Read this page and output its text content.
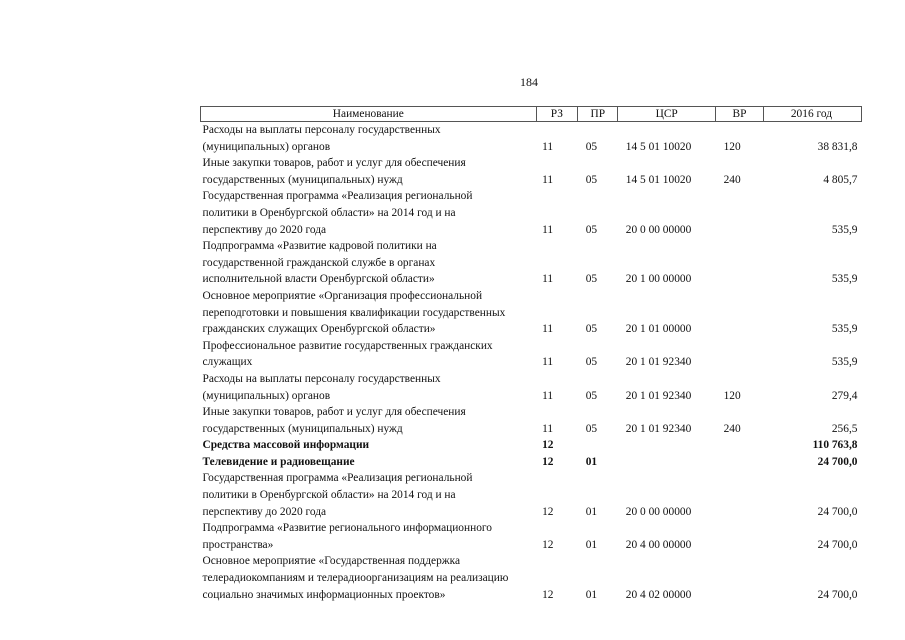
184
Наименование	РЗ	ПР	ЦСР	ВР	2016 год

Расходы на выплаты персоналу государственных
(муниципальных) органов	11	05	14 5 01 10020	120	38 831,8

Иные закупки товаров, работ и услуг для обеспечения
государственных (муниципальных) нужд	11	05	14 5 01 10020	240	4 805,7

Государственная программа «Реализация региональной
политики в Оренбургской области» на 2014 год и на
перспективу до 2020 года	11	05	20 0 00 00000		535,9

Подпрограмма «Развитие кадровой политики на
государственной гражданской службе в органах
исполнительной власти Оренбургской области»	11	05	20 1 00 00000		535,9

Основное мероприятие «Организация профессиональной
переподготовки и повышения квалификации государственных
гражданских служащих Оренбургской области»	11	05	20 1 01 00000		535,9

Профессиональное развитие государственных гражданских
служащих	11	05	20 1 01 92340		535,9

Расходы на выплаты персоналу государственных
(муниципальных) органов	11	05	20 1 01 92340	120	279,4

Иные закупки товаров, работ и услуг для обеспечения
государственных (муниципальных) нужд	11	05	20 1 01 92340	240	256,5

Средства массовой информации	12				110 763,8

Телевидение и радиовещание	12	01			24 700,0

Государственная программа «Реализация региональной
политики в Оренбургской области» на 2014 год и на
перспективу до 2020 года	12	01	20 0 00 00000		24 700,0

Подпрограмма «Развитие регионального информационного
пространства»	12	01	20 4 00 00000		24 700,0

Основное мероприятие «Государственная поддержка
телерадиокомпаниям и телерадиоорганизациям на реализацию
социально значимых информационных проектов»	12	01	20 4 02 00000		24 700,0
